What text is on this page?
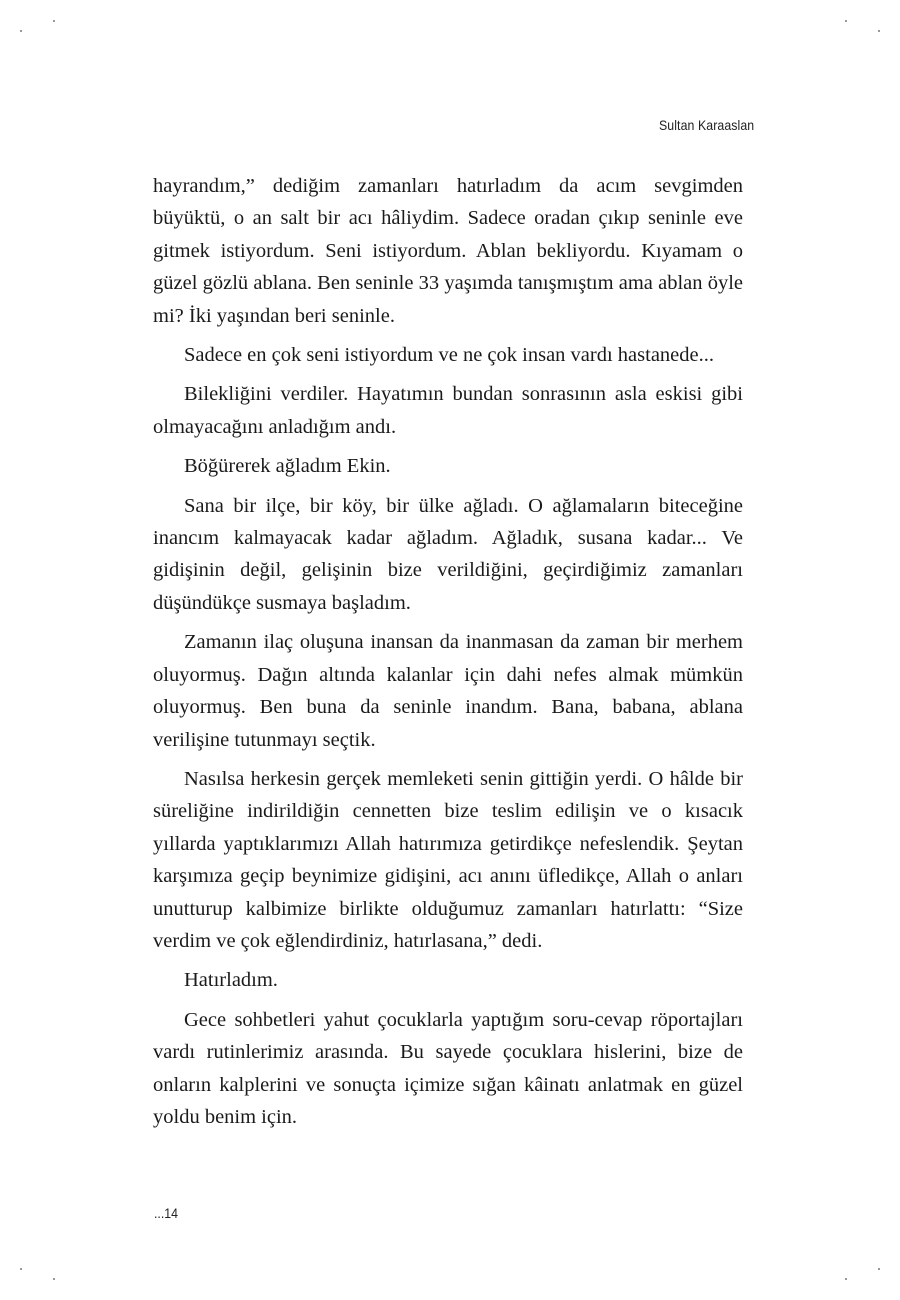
Sultan Karaaslan

hayrandım,” dediğim zamanları hatırladım da acım sevgimden büyüktü, o an salt bir acı hâliydim. Sadece oradan çıkıp seninle eve gitmek istiyordum. Seni istiyordum. Ablan bekliyordu. Kıyamam o güzel gözlü ablana. Ben seninle 33 yaşımda tanışmıştım ama ablan öyle mi? İki yaşından beri seninle.

Sadece en çok seni istiyordum ve ne çok insan vardı hastanede...

Bilekliğini verdiler. Hayatımın bundan sonrasının asla eskisi gibi olmayacağını anladığım andı.

Böğürerek ağladım Ekin.

Sana bir ilçe, bir köy, bir ülke ağladı. O ağlamaların biteceğine inancım kalmayacak kadar ağladım. Ağladık, susana kadar... Ve gidişinin değil, gelişinin bize verildiğini, geçirdiğimiz zamanları düşündükçe susmaya başladım.

Zamanın ilaç oluşuna inansan da inanmasan da zaman bir merhem oluyormuş. Dağın altında kalanlar için dahi nefes almak mümkün oluyormuş. Ben buna da seninle inandım. Bana, babana, ablana verilişine tutunmayı seçtik.

Nasılsa herkesin gerçek memleketi senin gittiğin yerdi. O hâlde bir süreliğine indirildiğin cennetten bize teslim edilişin ve o kısacık yıllarda yaptıklarımızı Allah hatırımıza getirdikçe nefeslendik. Şeytan karşımıza geçip beynimize gidişini, acı anını üfledikçe, Allah o anları unutturup kalbimize birlikte olduğumuz zamanları hatırlattı: “Size verdim ve çok eğlendirdiniz, hatırlasana,” dedi.

Hatırladım.

Gece sohbetleri yahut çocuklarla yaptığım soru-cevap röportajları vardı rutinlerimiz arasında. Bu sayede çocuklara hislerini, bize de onların kalplerini ve sonuçta içimize sığan kâinatı anlatmak en güzel yoldu benim için.

...14
